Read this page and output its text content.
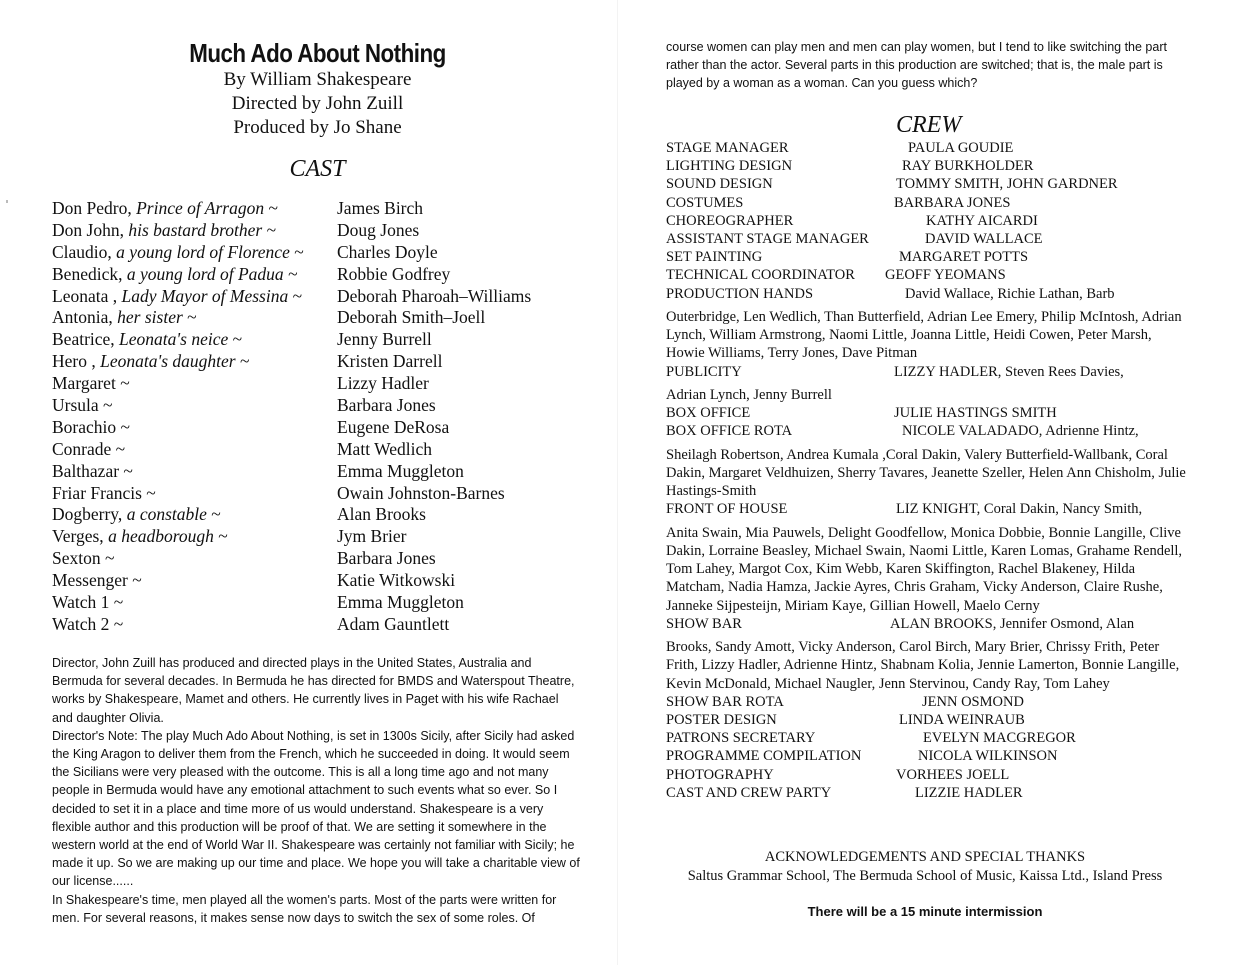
Much Ado About Nothing
By William Shakespeare
Directed by John Zuill
Produced by Jo Shane
CAST
Don Pedro, Prince of Arragon ~	James Birch
Don John, his bastard brother ~	Doug Jones
Claudio, a young lord of Florence ~ Charles Doyle
Benedick, a young lord of Padua ~ Robbie Godfrey
Leonata , Lady Mayor of Messina ~ Deborah Pharoah–Williams
Antonia, her sister ~	Deborah Smith–Joell
Beatrice, Leonata's neice ~	Jenny Burrell
Hero , Leonata's daughter ~	Kristen Darrell
Margaret ~	Lizzy Hadler
Ursula ~	Barbara Jones
Borachio ~	Eugene DeRosa
Conrade ~	Matt Wedlich
Balthazar ~	Emma Muggleton
Friar Francis ~	Owain Johnston-Barnes
Dogberry, a constable ~	Alan Brooks
Verges, a headborough ~	Jym Brier
Sexton ~	Barbara Jones
Messenger ~	Katie Witkowski
Watch 1 ~	Emma Muggleton
Watch 2 ~	Adam Gauntlett

Director, John Zuill has produced and directed plays in the United States, Australia and Bermuda for several decades. In Bermuda he has directed for BMDS and Waterspout Theatre, works by Shakespeare, Mamet and others. He currently lives in Paget with his wife Rachael and daughter Olivia.

Director's Note: The play Much Ado About Nothing, is set in 1300s Sicily, after Sicily had asked the King Aragon to deliver them from the French, which he succeeded in doing. It would seem the Sicilians were very pleased with the outcome. This is all a long time ago and not many people in Bermuda would have any emotional attachment to such events what so ever. So I decided to set it in a place and time more of us would understand. Shakespeare is a very flexible author and this production will be proof of that. We are setting it somewhere in the western world at the end of World War II. Shakespeare was certainly not familiar with Sicily; he made it up. So we are making up our time and place. We hope you will take a charitable view of our license......

In Shakespeare's time, men played all the women's parts. Most of the parts were written for men. For several reasons, it makes sense now days to switch the sex of some roles. Of

course women can play men and men can play women, but I tend to like switching the part rather than the actor. Several parts in this production are switched; that is, the male part is played by a woman as a woman. Can you guess which?
CREW
STAGE MANAGER	PAULA GOUDIE
LIGHTING DESIGN	RAY BURKHOLDER
SOUND DESIGN	TOMMY SMITH, JOHN GARDNER
COSTUMES	BARBARA JONES
CHOREOGRAPHER	KATHY AICARDI
ASSISTANT STAGE MANAGER	DAVID WALLACE
SET PAINTING	MARGARET POTTS
TECHNICAL COORDINATOR GEOFF YEOMANS
PRODUCTION HANDS	David Wallace, Richie Lathan, Barb
Outerbridge, Len Wedlich, Than Butterfield, Adrian Lee Emery, Philip McIntosh, Adrian Lynch, William Armstrong, Naomi Little, Joanna Little, Heidi Cowen, Peter Marsh, Howie Williams, Terry Jones, Dave Pitman
PUBLICITY	LIZZY HADLER, Steven Rees Davies,
Adrian Lynch, Jenny Burrell
BOX OFFICE	JULIE HASTINGS SMITH
BOX OFFICE ROTA	NICOLE VALADADO, Adrienne Hintz,
Sheilagh Robertson, Andrea Kumala ,Coral Dakin, Valery Butterfield-Wallbank, Coral Dakin, Margaret Veldhuizen, Sherry Tavares, Jeanette Szeller, Helen Ann Chisholm, Julie Hastings-Smith
FRONT OF HOUSE	LIZ KNIGHT, Coral Dakin, Nancy Smith,
Anita Swain, Mia Pauwels, Delight Goodfellow, Monica Dobbie, Bonnie Langille, Clive Dakin, Lorraine Beasley, Michael Swain, Naomi Little, Karen Lomas, Grahame Rendell, Tom Lahey, Margot Cox, Kim Webb, Karen Skiffington, Rachel Blakeney, Hilda Matcham, Nadia Hamza, Jackie Ayres, Chris Graham, Vicky Anderson, Claire Rushe, Janneke Sijpesteijn, Miriam Kaye, Gillian Howell, Maelo Cerny
SHOW BAR	ALAN BROOKS, Jennifer Osmond, Alan
Brooks, Sandy Amott, Vicky Anderson, Carol Birch, Mary Brier, Chrissy Frith, Peter Frith, Lizzy Hadler, Adrienne Hintz, Shabnam Kolia, Jennie Lamerton, Bonnie Langille, Kevin McDonald, Michael Naugler, Jenn Stervinou, Candy Ray, Tom Lahey
SHOW BAR ROTA	JENN OSMOND
POSTER DESIGN	LINDA WEINRAUB
PATRONS SECRETARY	EVELYN MACGREGOR
PROGRAMME COMPILATION	NICOLA WILKINSON
PHOTOGRAPHY	VORHEES JOELL
CAST AND CREW PARTY	LIZZIE HADLER
ACKNOWLEDGEMENTS AND SPECIAL THANKS
Saltus Grammar School, The Bermuda School of Music, Kaissa Ltd., Island Press
There will be a 15 minute intermission
